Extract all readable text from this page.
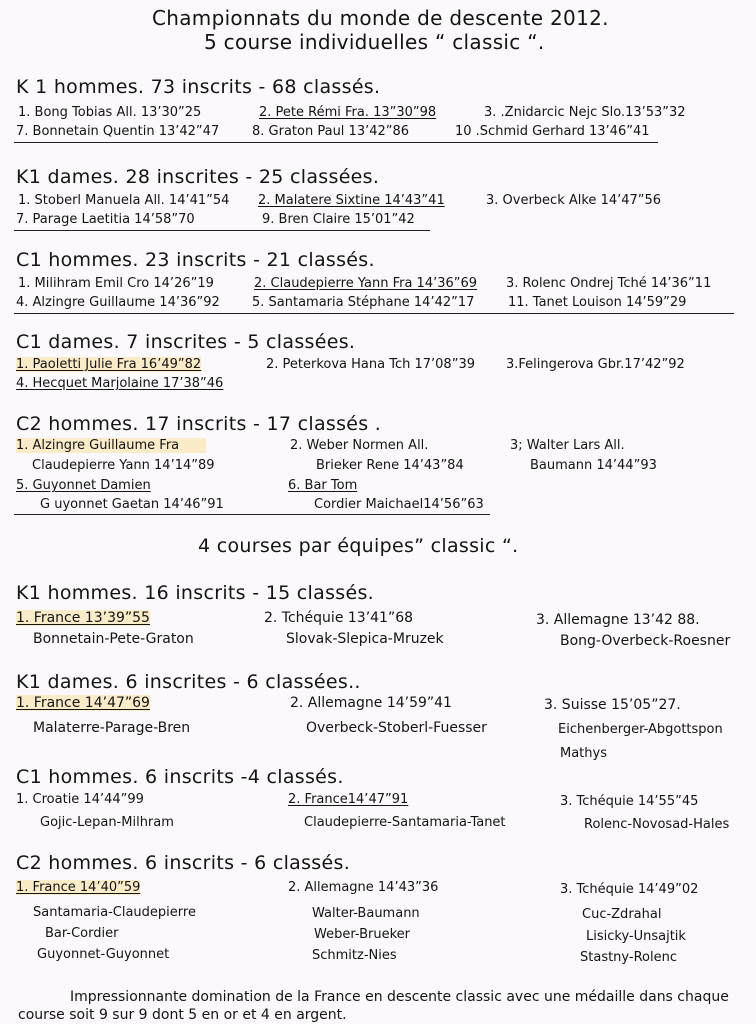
Championnats du monde de descente 2012.
5 course individuelles “ classic “.
K 1 hommes. 73 inscrits - 68 classés.
1. Bong Tobias All. 13’30”25	2. Pete Rémi Fra. 13”30”98	3. .Znidarcic Nejc Slo.13’53”32
7. Bonnetain Quentin 13’42”47	8. Graton Paul 13’42”86	10 .Schmid Gerhard 13’46”41
K1 dames. 28 inscrites - 25 classées.
1. Stoberl Manuela All. 14’41”54 2. Malatere Sixtine 14’43”41	3. Overbeck Alke 14’47”56
7. Parage Laetitia 14’58”70	9. Bren Claire 15’01”42
C1 hommes. 23 inscrits - 21 classés.
1. Milihram Emil Cro 14’26”19	2. Claudepierre Yann Fra 14’36”69 3. Rolenc Ondrej Tché 14’36”11
4. Alzingre Guillaume 14’36”92 5. Santamaria Stéphane 14’42”17	11. Tanet Louison 14’59”29
C1 dames. 7 inscrites - 5 classées.
1. Paoletti Julie Fra 16’49”82	2. Peterkova Hana Tch 17’08”39 3.Felingerova Gbr.17’42”92
4. Hecquet Marjolaine 17’38”46
C2 hommes. 17 inscrits - 17 classés .
1. Alzingre Guillaume Fra	2. Weber Normen All.	3; Walter Lars All.
Claudepierre Yann 14’14”89	Brieker Rene 14’43”84	Baumann 14’44”93
5. Guyonnet Damien	6. Bar Tom
G uyonnet Gaetan 14’46”91	Cordier Maichael14’56”63
4 courses par équipes” classic “.
K1 hommes. 16 inscrits - 15 classés.
1. France 13’39”55	2. Tchéquie 13’41”68	3. Allemagne 13’42 88.
Bonnetain-Pete-Graton	Slovak-Slepica-Mruzek	Bong-Overbeck-Roesner
K1 dames. 6 inscrites - 6 classées..
1. France 14’47”69	2. Allemagne 14’59”41	3. Suisse 15’05”27.
Malaterre-Parage-Bren	Overbeck-Stoberl-Fuesser	Eichenberger-Abgottspon
Mathys
C1 hommes. 6 inscrits -4 classés.
1. Croatie 14’44”99	2. France14’47”91	3. Tchéquie 14’55”45
Gojic-Lepan-Milhram	Claudepierre-Santamaria-Tanet	Rolenc-Novosad-Hales
C2 hommes. 6 inscrits - 6 classés.
1. France 14’40”59	2. Allemagne 14’43”36	3. Tchéquie 14’49”02
Santamaria-Claudepierre	Walter-Baumann	Cuc-Zdrahal
Bar-Cordier	Weber-Brueker	Lisicky-Unsajtik
Guyonnet-Guyonnet	Schmitz-Nies	Stastny-Rolenc
Impressionnante domination de la France en descente classic avec une médaille dans chaque course soit 9 sur 9 dont 5 en or et 4 en argent.
